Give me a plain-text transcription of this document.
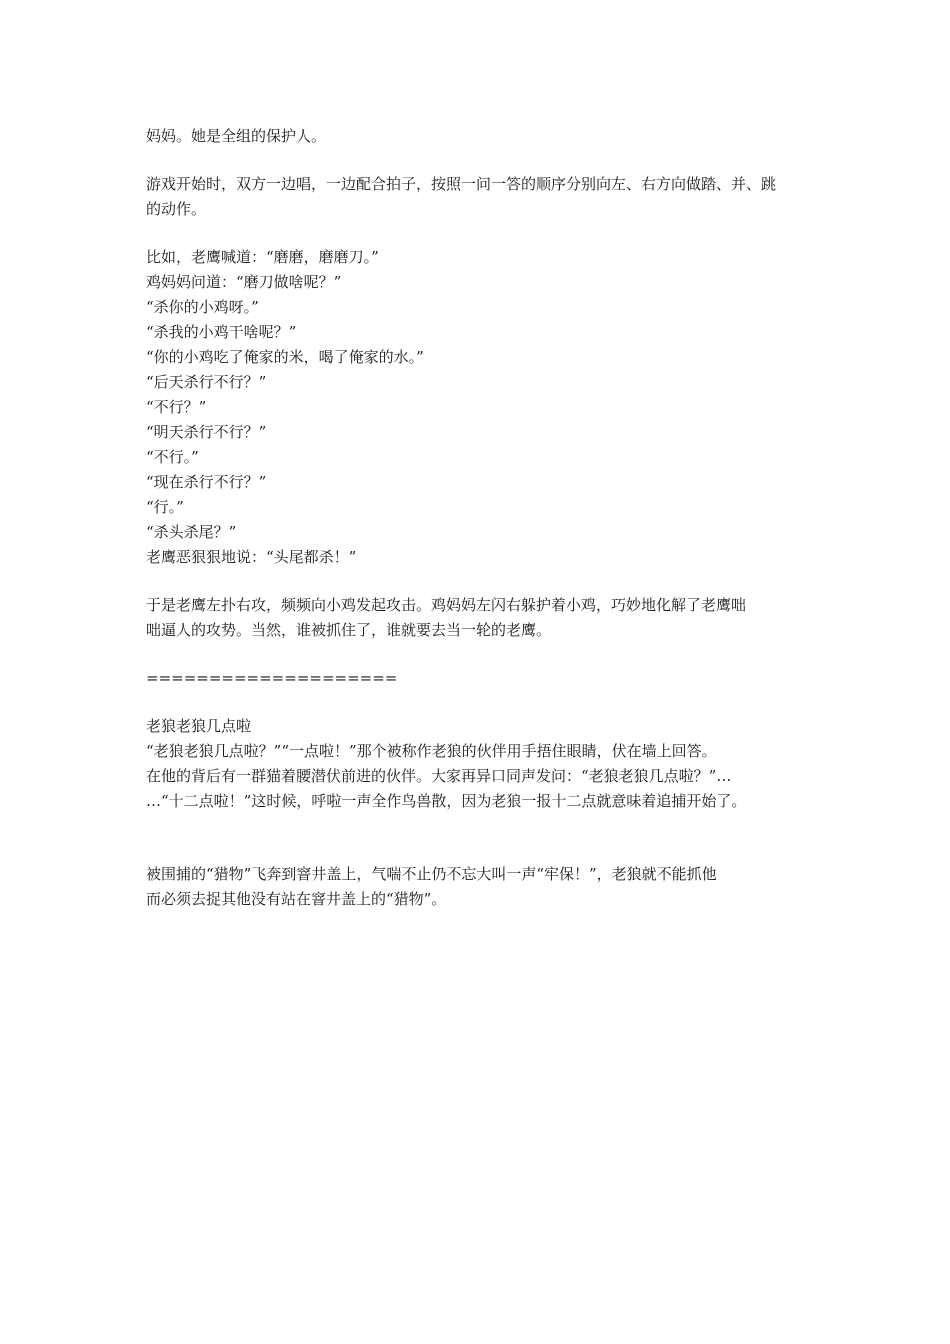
妈妈。她是全组的保护人。
游戏开始时，双方一边唱，一边配合拍子，按照一问一答的顺序分别向左、右方向做踏、并、跳
的动作。
比如，老鹰喊道：“磨磨，磨磨刀。”
鸡妈妈问道：“磨刀做啥呢？”
“杀你的小鸡呀。”
“杀我的小鸡干啥呢？”
“你的小鸡吃了俺家的米，喝了俺家的水。”
“后天杀行不行？”
“不行？”
“明天杀行不行？”
“不行。”
“现在杀行不行？”
“行。”
“杀头杀尾？”
老鹰恶狠狠地说：“头尾都杀！”
于是老鹰左扑右攻，频频向小鸡发起攻击。鸡妈妈左闪右躲护着小鸡，巧妙地化解了老鹰咄
咄逼人的攻势。当然，谁被抓住了，谁就要去当一轮的老鹰。
====================
老狼老狼几点啦
“老狼老狼几点啦？”“一点啦！”那个被称作老狼的伙伴用手捂住眼睛，伏在墙上回答。
在他的背后有一群猫着腰潜伏前进的伙伴。大家再异口同声发问：“老狼老狼几点啦？”…
…“十二点啦！”这时候，呼啦一声全作鸟兽散，因为老狼一报十二点就意味着追捕开始了。
被围捕的“猎物”飞奔到窨井盖上，气喘不止仍不忘大叫一声“牢保！”，老狼就不能抓他
而必须去捉其他没有站在窨井盖上的“猎物”。
